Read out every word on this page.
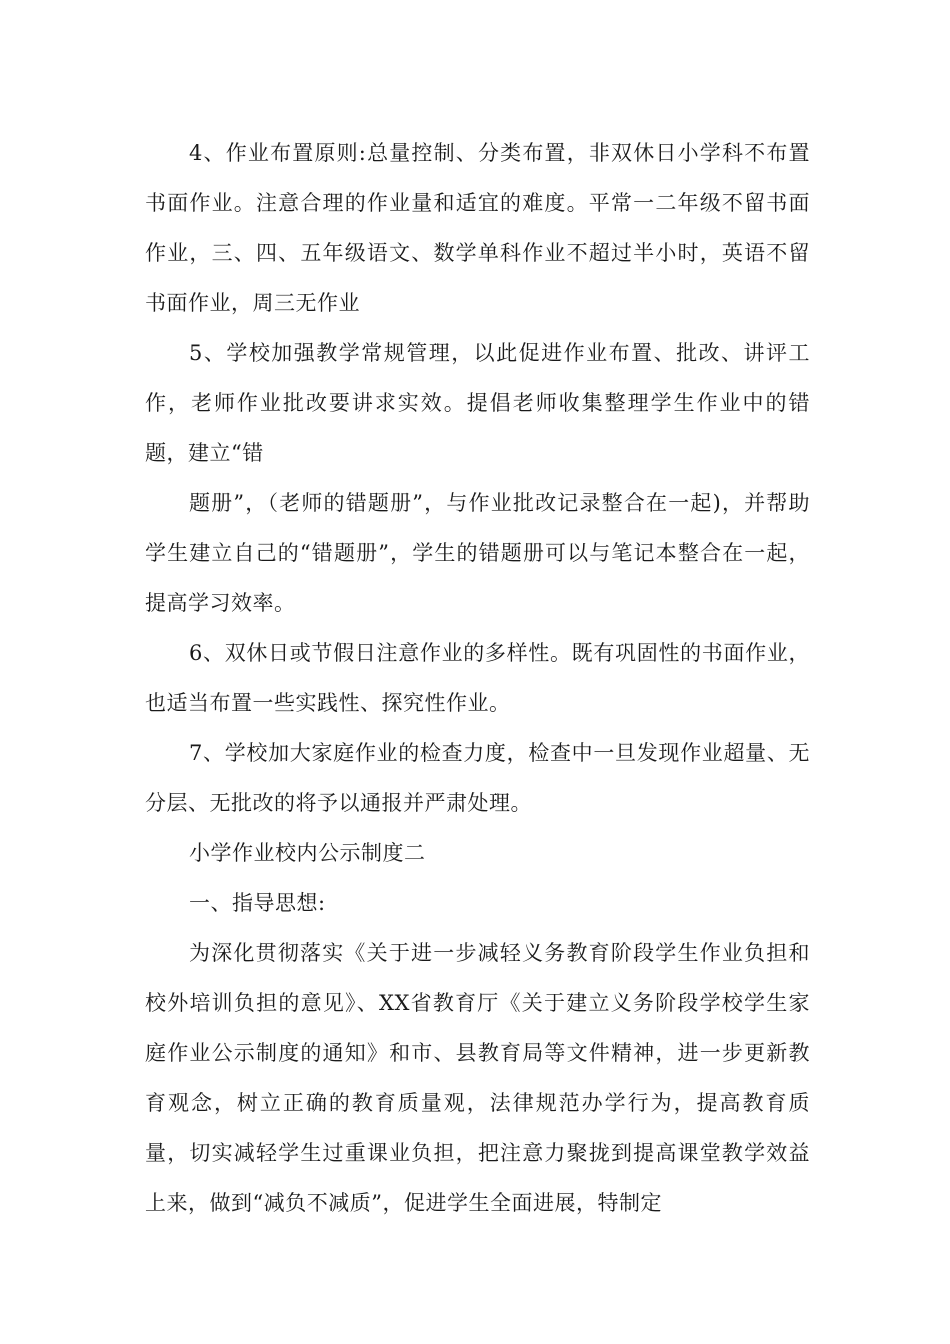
4、作业布置原则:总量控制、分类布置，非双休日小学科不布置书面作业。注意合理的作业量和适宜的难度。平常一二年级不留书面作业，三、四、五年级语文、数学单科作业不超过半小时，英语不留书面作业，周三无作业

5、学校加强教学常规管理，以此促进作业布置、批改、讲评工作，老师作业批改要讲求实效。提倡老师收集整理学生作业中的错题，建立“错

题册”，（老师的错题册”，与作业批改记录整合在一起)，并帮助学生建立自己的“错题册”，学生的错题册可以与笔记本整合在一起，提高学习效率。

6、双休日或节假日注意作业的多样性。既有巩固性的书面作业，也适当布置一些实践性、探究性作业。

7、学校加大家庭作业的检查力度，检查中一旦发现作业超量、无分层、无批改的将予以通报并严肃处理。

小学作业校内公示制度二

一、指导思想:

为深化贯彻落实《关于进一步减轻义务教育阶段学生作业负担和校外培训负担的意见》、XX省教育厅《关于建立义务阶段学校学生家庭作业公示制度的通知》和市、县教育局等文件精神，进一步更新教育观念，树立正确的教育质量观，法律规范办学行为，提高教育质量，切实减轻学生过重课业负担，把注意力聚拢到提高课堂教学效益上来，做到“减负不减质”，促进学生全面进展，特制定
